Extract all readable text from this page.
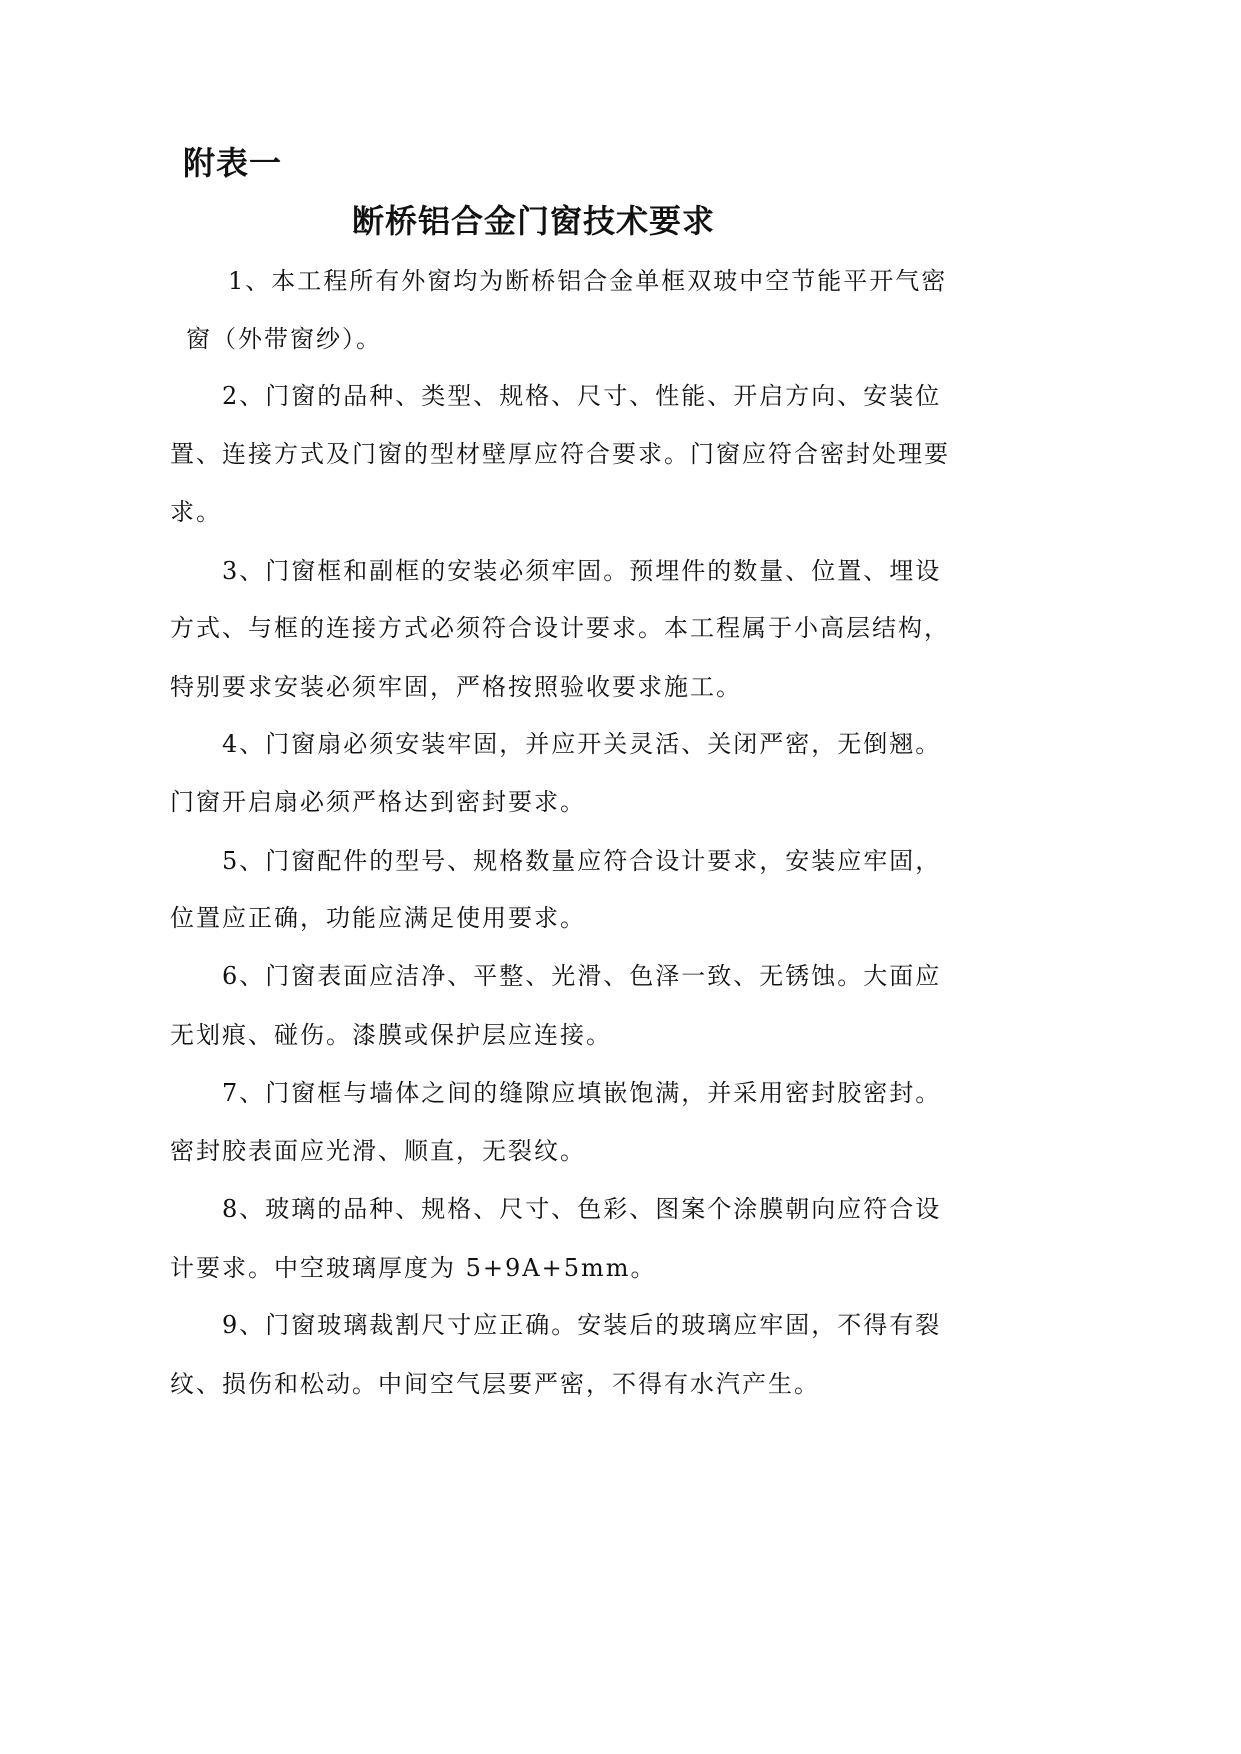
附表一
断桥铝合金门窗技术要求
1、本工程所有外窗均为断桥铝合金单框双玻中空节能平开气密
窗（外带窗纱）。
2、门窗的品种、类型、规格、尺寸、性能、开启方向、安装位
置、连接方式及门窗的型材壁厚应符合要求。门窗应符合密封处理要
求。
3、门窗框和副框的安装必须牢固。预埋件的数量、位置、埋设
方式、与框的连接方式必须符合设计要求。本工程属于小高层结构，
特别要求安装必须牢固，严格按照验收要求施工。
4、门窗扇必须安装牢固，并应开关灵活、关闭严密，无倒翘。
门窗开启扇必须严格达到密封要求。
5、门窗配件的型号、规格数量应符合设计要求，安装应牢固，
位置应正确，功能应满足使用要求。
6、门窗表面应洁净、平整、光滑、色泽一致、无锈蚀。大面应
无划痕、碰伤。漆膜或保护层应连接。
7、门窗框与墙体之间的缝隙应填嵌饱满，并采用密封胶密封。
密封胶表面应光滑、顺直，无裂纹。
8、玻璃的品种、规格、尺寸、色彩、图案个涂膜朝向应符合设
计要求。中空玻璃厚度为 5+9A+5mm。
9、门窗玻璃裁割尺寸应正确。安装后的玻璃应牢固，不得有裂
纹、损伤和松动。中间空气层要严密，不得有水汽产生。
